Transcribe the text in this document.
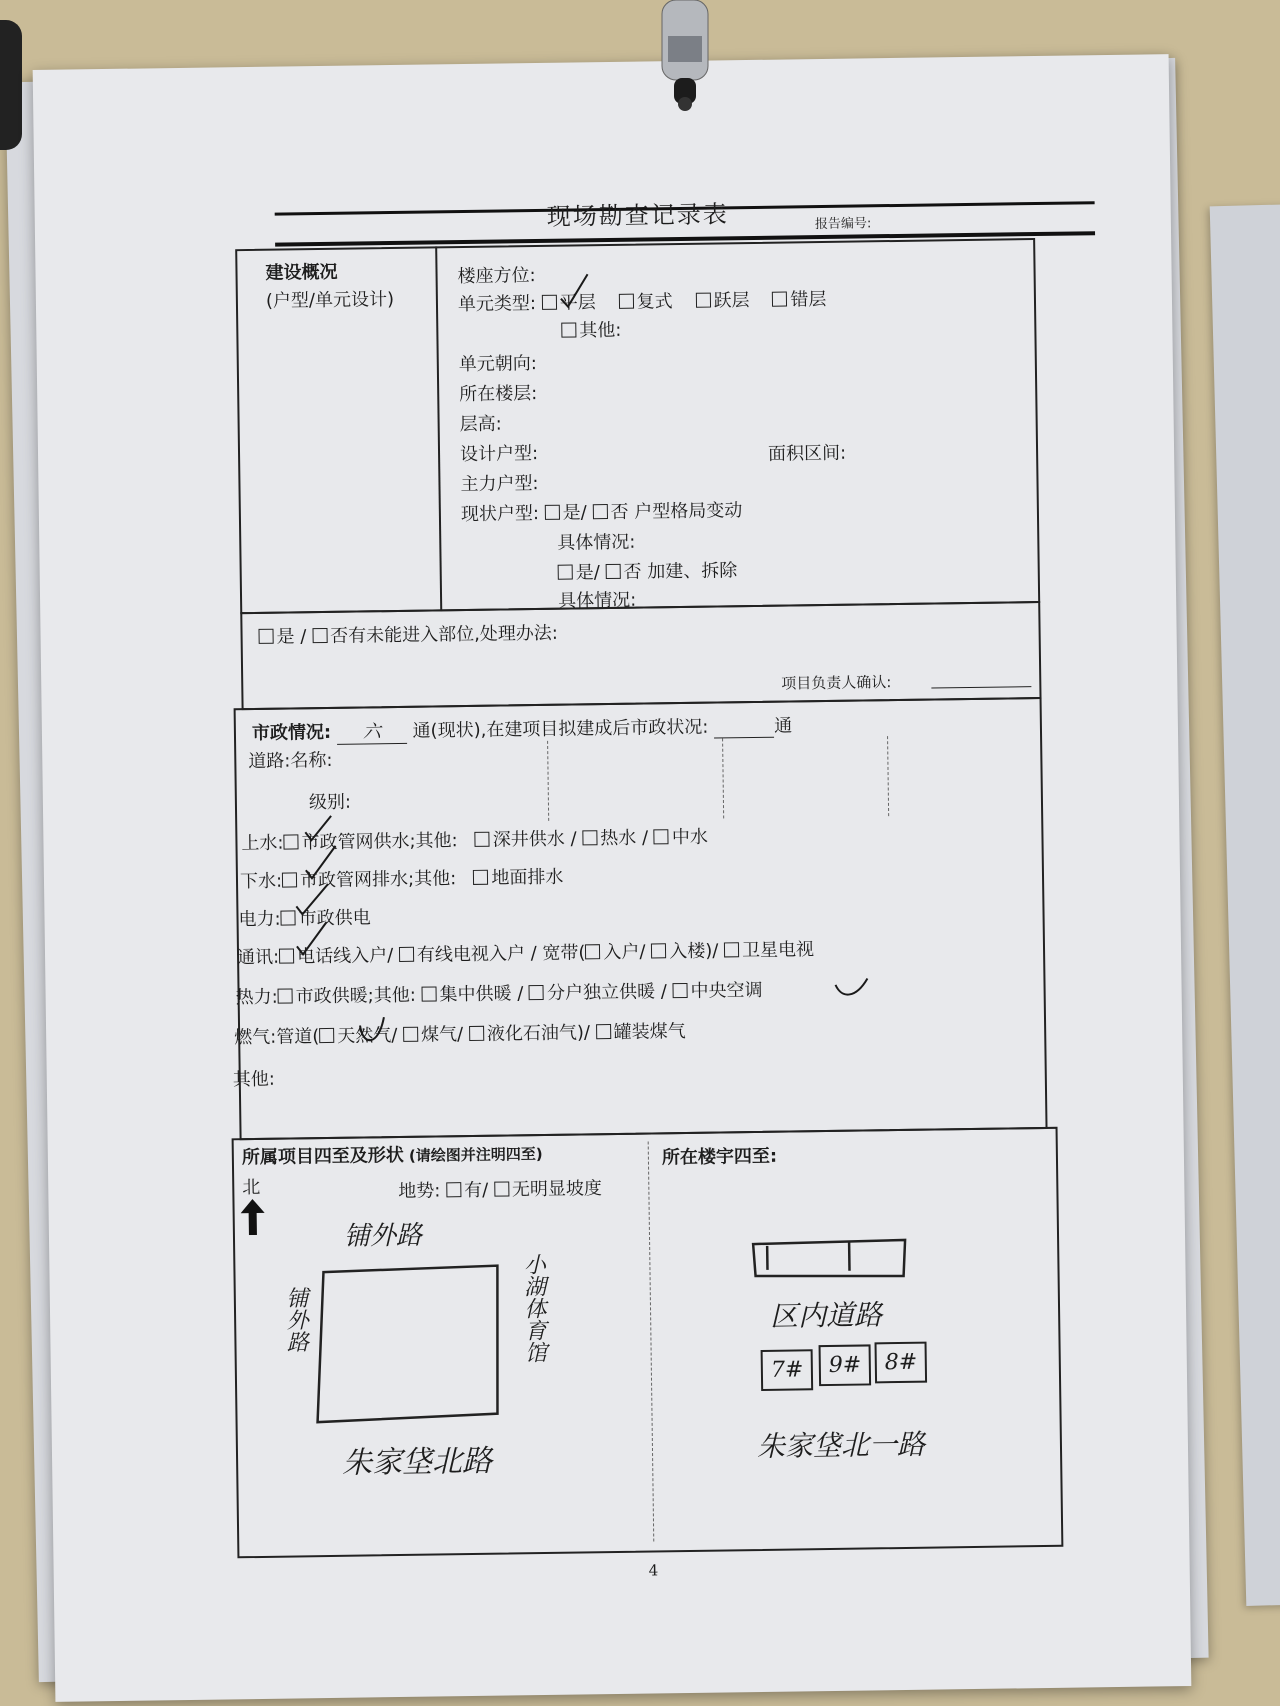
现场勘查记录表	报告编号:
建设概况
(户型/单元设计)
楼座方位:
单元类型: 平层 复式 跃层 错层
其他:
单元朝向:
所在楼层:
层高:
设计户型:	面积区间:
主力户型:
现状户型: 是/ 否 户型格局变动
具体情况:
是/ 否 加建、拆除
具体情况:
是 / 否有未能进入部位,处理办法:
项目负责人确认:
市政情况: 六 通(现状),在建项目拟建成后市政状况:	通
道路:名称:
级别:
上水: 市政管网供水;其他: 深井供水 / 热水 / 中水
下水: 市政管网排水;其他: 地面排水
电力: 市政供电
通讯: 电话线入户/ 有线电视入户 / 宽带( 入户/ 入楼)/ 卫星电视
热力: 市政供暖;其他: 集中供暖 / 分户独立供暖 / 中央空调
燃气:管道( 天然气/ 煤气/ 液化石油气)/ 罐装煤气
其他:
所属项目四至及形状 (请绘图并注明四至)	所在楼宇四至:
北	地势: 有/ 无明显坡度
铺外路
铺外路	小湖体育馆
朱家垡北路
区内道路
7#	9#	8#
朱家垡北一路
4
